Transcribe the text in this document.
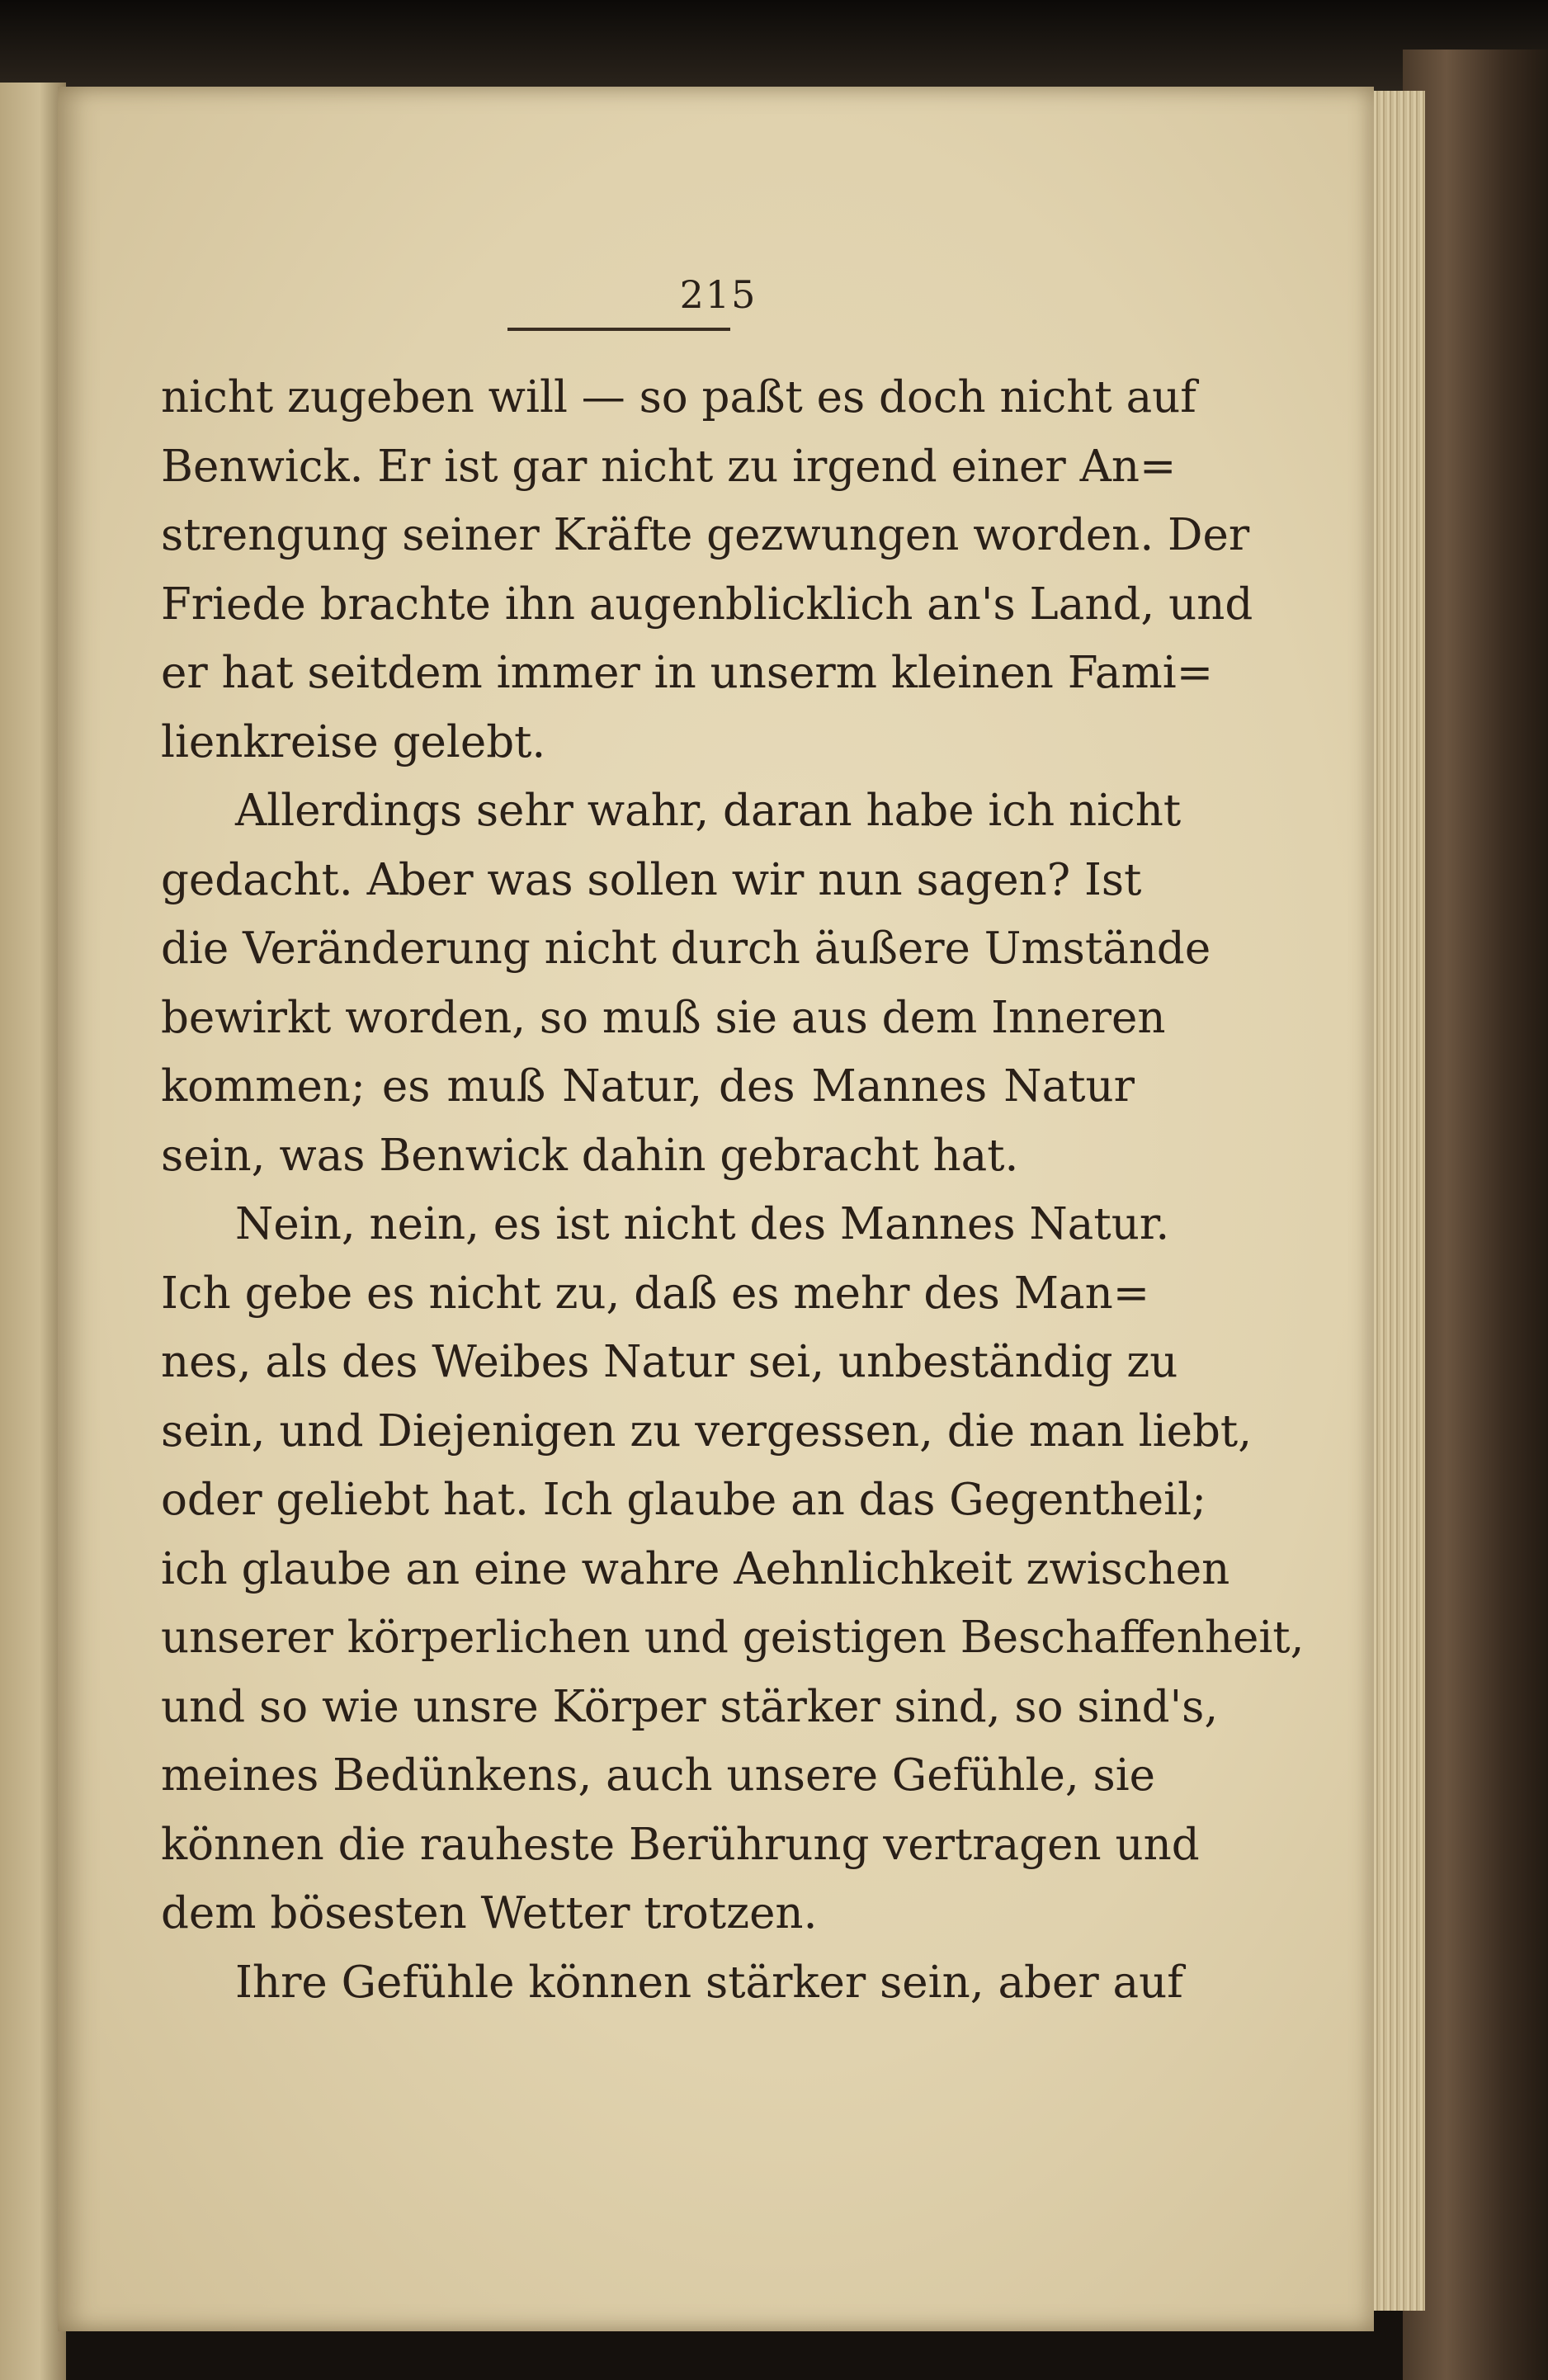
215
nicht zugeben will — so paßt es doch nicht auf
Benwick. Er ist gar nicht zu irgend einer An=
strengung seiner Kräfte gezwungen worden. Der
Friede brachte ihn augenblicklich an's Land, und
er hat seitdem immer in unserm kleinen Fami=
lienkreise gelebt.
Allerdings sehr wahr, daran habe ich nicht
gedacht. Aber was sollen wir nun sagen? Ist
die Veränderung nicht durch äußere Umstände
bewirkt worden, so muß sie aus dem Inneren
kommen; es muß Natur, des Mannes Natur
sein, was Benwick dahin gebracht hat.
Nein, nein, es ist nicht des Mannes Natur.
Ich gebe es nicht zu, daß es mehr des Man=
nes, als des Weibes Natur sei, unbeständig zu
sein, und Diejenigen zu vergessen, die man liebt,
oder geliebt hat. Ich glaube an das Gegentheil;
ich glaube an eine wahre Aehnlichkeit zwischen
unserer körperlichen und geistigen Beschaffenheit,
und so wie unsre Körper stärker sind, so sind's,
meines Bedünkens, auch unsere Gefühle, sie
können die rauheste Berührung vertragen und
dem bösesten Wetter trotzen.
Ihre Gefühle können stärker sein, aber auf
